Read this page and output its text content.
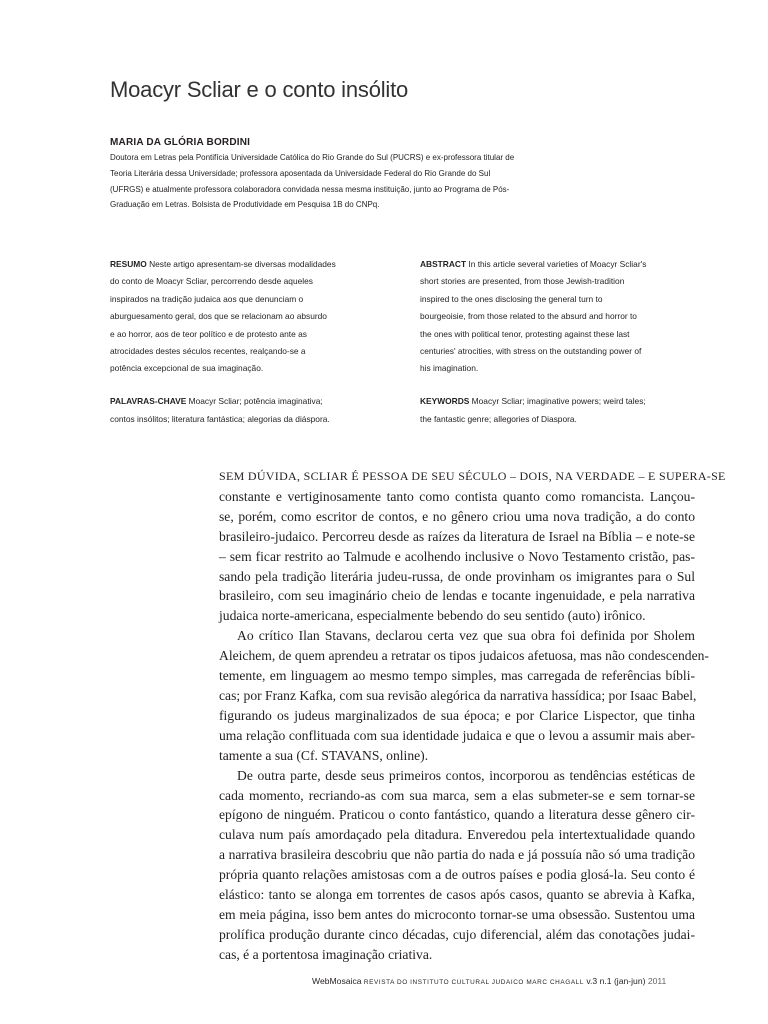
Moacyr Scliar e o conto insólito
MARIA DA GLÓRIA BORDINI
Doutora em Letras pela Pontifícia Universidade Católica do Rio Grande do Sul (PUCRS) e ex-professora titular de
Teoria Literária dessa Universidade; professora aposentada da Universidade Federal do Rio Grande do Sul
(UFRGS) e atualmente professora colaboradora convidada nessa mesma instituição, junto ao Programa de Pós-
Graduação em Letras. Bolsista de Produtividade em Pesquisa 1B do CNPq.
RESUMO Neste artigo apresentam-se diversas modalidades
do conto de Moacyr Scliar, percorrendo desde aqueles
inspirados na tradição judaica aos que denunciam o
aburguesamento geral, dos que se relacionam ao absurdo
e ao horror, aos de teor político e de protesto ante as
atrocidades destes séculos recentes, realçando-se a
potência excepcional de sua imaginação.
ABSTRACT In this article several varieties of Moacyr Scliar's
short stories are presented, from those Jewish-tradition
inspired to the ones disclosing the general turn to
bourgeoisie, from those related to the absurd and horror to
the ones with political tenor, protesting against these last
centuries' atrocities, with stress on the outstanding power of
his imagination.
PALAVRAS-CHAVE Moacyr Scliar; potência imaginativa;
contos insólitos; literatura fantástica; alegorias da diáspora.
KEYWORDS Moacyr Scliar; imaginative powers; weird tales;
the fantastic genre; allegories of Diaspora.
SEM DÚVIDA, SCLIAR É PESSOA DE SEU SÉCULO – DOIS, NA VERDADE – E SUPERA-SE
constante e vertiginosamente tanto como contista quanto como romancista. Lançou-
se, porém, como escritor de contos, e no gênero criou uma nova tradição, a do conto
brasileiro-judaico. Percorreu desde as raízes da literatura de Israel na Bíblia – e note-se
– sem ficar restrito ao Talmude e acolhendo inclusive o Novo Testamento cristão, pas-
sando pela tradição literária judeu-russa, de onde provinham os imigrantes para o Sul
brasileiro, com seu imaginário cheio de lendas e tocante ingenuidade, e pela narrativa
judaica norte-americana, especialmente bebendo do seu sentido (auto) irônico.
Ao crítico Ilan Stavans, declarou certa vez que sua obra foi definida por Sholem
Aleichem, de quem aprendeu a retratar os tipos judaicos afetuosa, mas não condescenden-
temente, em linguagem ao mesmo tempo simples, mas carregada de referências bíbli-
cas; por Franz Kafka, com sua revisão alegórica da narrativa hassídica; por Isaac Babel,
figurando os judeus marginalizados de sua época; e por Clarice Lispector, que tinha
uma relação conflituada com sua identidade judaica e que o levou a assumir mais aber-
tamente a sua (Cf. STAVANS, online).
De outra parte, desde seus primeiros contos, incorporou as tendências estéticas de
cada momento, recriando-as com sua marca, sem a elas submeter-se e sem tornar-se
epígono de ninguém. Praticou o conto fantástico, quando a literatura desse gênero cir-
culava num país amordaçado pela ditadura. Enveredou pela intertextualidade quando
a narrativa brasileira descobriu que não partia do nada e já possuía não só uma tradição
própria quanto relações amistosas com a de outros países e podia glosá-la. Seu conto é
elástico: tanto se alonga em torrentes de casos após casos, quanto se abrevia à Kafka,
em meia página, isso bem antes do microconto tornar-se uma obsessão. Sustentou uma
prolífica produção durante cinco décadas, cujo diferencial, além das conotações judai-
cas, é a portentosa imaginação criativa.
WebMosaica REVISTA DO INSTITUTO CULTURAL JUDAICO MARC CHAGALL v.3 n.1 (jan-jun) 2011
